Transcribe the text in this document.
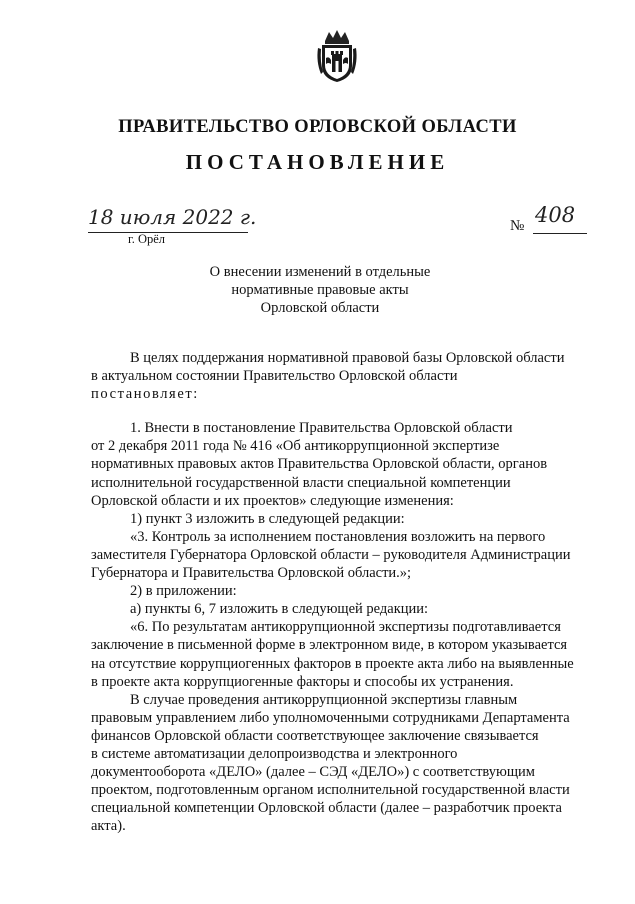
ПРАВИТЕЛЬСТВО ОРЛОВСКОЙ ОБЛАСТИ
ПОСТАНОВЛЕНИЕ
18 июля 2022 г.
г. Орёл
№ 408
О внесении изменений в отдельные
нормативные правовые акты
Орловской области

В целях поддержания нормативной правовой базы Орловской области

в актуальном состоянии Правительство Орловской области

постановляет:

1. Внести в постановление Правительства Орловской области

от 2 декабря 2011 года № 416 «Об антикоррупционной экспертизе

нормативных правовых актов Правительства Орловской области, органов

исполнительной государственной власти специальной компетенции

Орловской области и их проектов» следующие изменения:

1) пункт 3 изложить в следующей редакции:

«3. Контроль за исполнением постановления возложить на первого

заместителя Губернатора Орловской области – руководителя Администрации

Губернатора и Правительства Орловской области.»;

2) в приложении:

а) пункты 6, 7 изложить в следующей редакции:

«6. По результатам антикоррупционной экспертизы подготавливается

заключение в письменной форме в электронном виде, в котором указывается

на отсутствие коррупциогенных факторов в проекте акта либо на выявленные

в проекте акта коррупциогенные факторы и способы их устранения.

В случае проведения антикоррупционной экспертизы главным

правовым управлением либо уполномоченными сотрудниками Департамента

финансов Орловской области соответствующее заключение связывается

в системе автоматизации делопроизводства и электронного

документооборота «ДЕЛО» (далее – СЭД «ДЕЛО») с соответствующим

проектом, подготовленным органом исполнительной государственной власти

специальной компетенции Орловской области (далее – разработчик проекта

акта).
